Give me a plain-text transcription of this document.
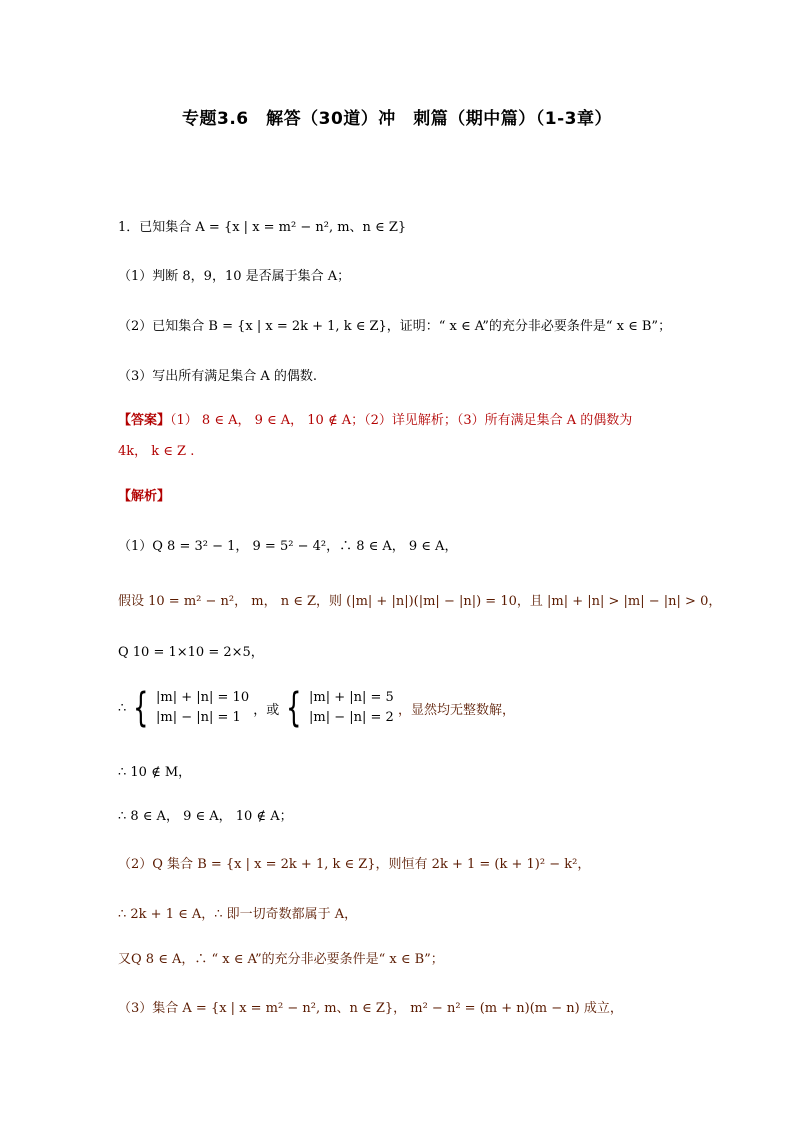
专题3.6　解答（30道）冲　刺篇（期中篇）（1-3章）
1．已知集合 A = {x | x = m² − n², m、n ∈ Z}
（1）判断 8，9，10 是否属于集合 A；
（2）已知集合 B = {x | x = 2k + 1, k ∈ Z}，证明：“ x ∈ A”的充分非必要条件是“ x ∈ B”；
（3）写出所有满足集合 A 的偶数.
【答案】（1） 8 ∈ A， 9 ∈ A， 10 ∉ A；（2）详见解析；（3）所有满足集合 A 的偶数为
4k， k ∈ Z .
【解析】
（1）Q 8 = 3² − 1， 9 = 5² − 4²，∴ 8 ∈ A， 9 ∈ A，
假设 10 = m² − n²， m， n ∈ Z，则 (|m| + |n|)(|m| − |n|) = 10，且 |m| + |n| > |m| − |n| > 0，
Q 10 = 1×10 = 2×5，
∴ { |m| + |n| = 10
|m| − |n| = 1 ，或 { |m| + |n| = 5
|m| − |n| = 2 ，显然均无整数解，
∴ 10 ∉ M，
∴ 8 ∈ A， 9 ∈ A， 10 ∉ A；
（2）Q 集合 B = {x | x = 2k + 1, k ∈ Z}，则恒有 2k + 1 = (k + 1)² − k²，
∴ 2k + 1 ∈ A，∴ 即一切奇数都属于 A，
又Q 8 ∈ A，∴ “ x ∈ A”的充分非必要条件是“ x ∈ B”；
（3）集合 A = {x | x = m² − n², m、n ∈ Z}， m² − n² = (m + n)(m − n) 成立，
